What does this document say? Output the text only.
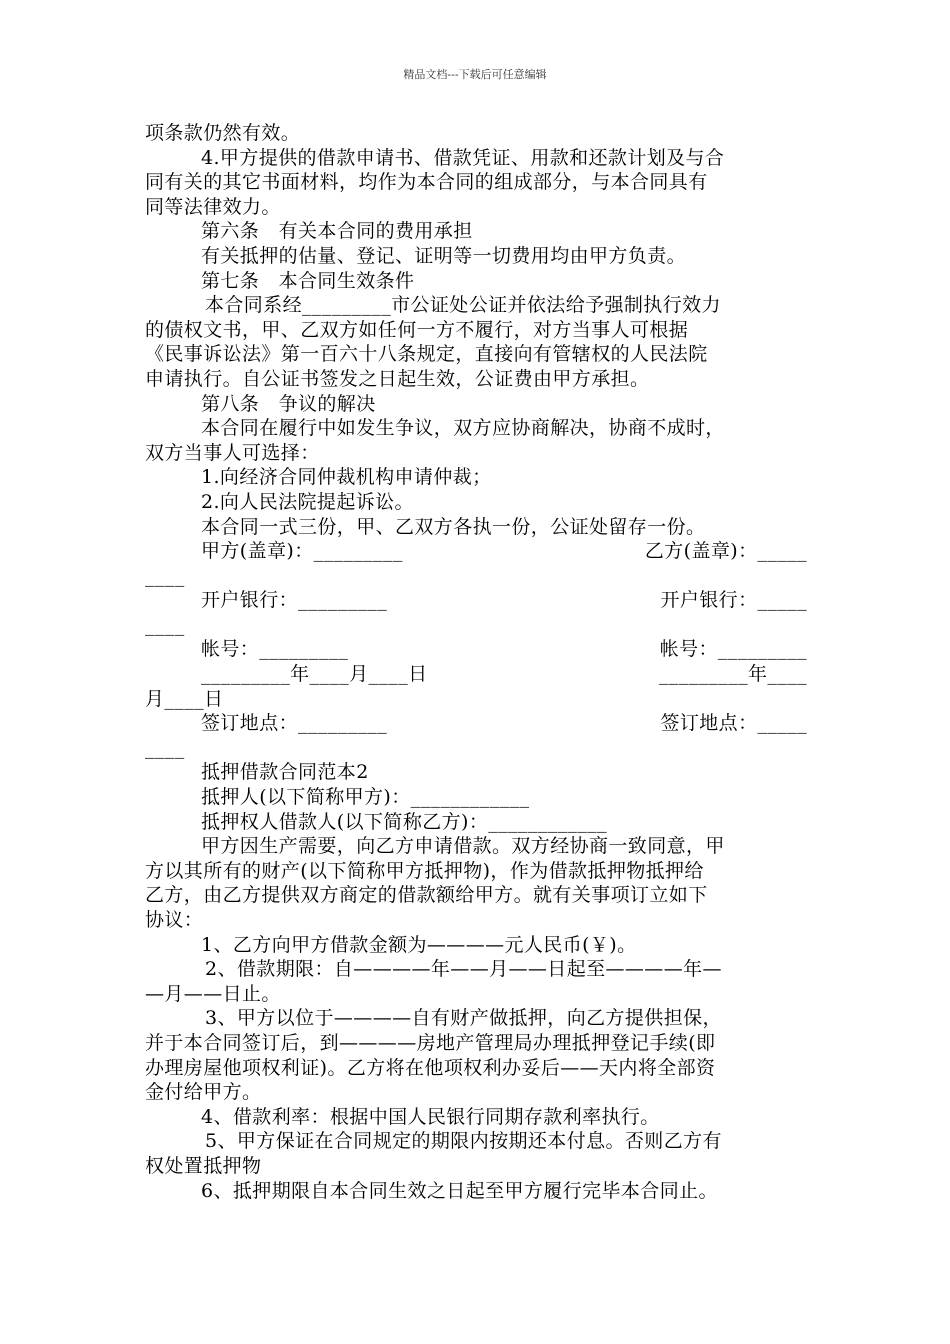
精品文档---下载后可任意编辑

项条款仍然有效。

4.甲方提供的借款申请书、借款凭证、用款和还款计划及与合

同有关的其它书面材料，均作为本合同的组成部分，与本合同具有

同等法律效力。

第六条　有关本合同的费用承担

有关抵押的估量、登记、证明等一切费用均由甲方负责。

第七条　本合同生效条件

本合同系经_________市公证处公证并依法给予强制执行效力

的债权文书，甲、乙双方如任何一方不履行，对方当事人可根据

《民事诉讼法》第一百六十八条规定，直接向有管辖权的人民法院

申请执行。自公证书签发之日起生效，公证费由甲方承担。

第八条　争议的解决

本合同在履行中如发生争议，双方应协商解决，协商不成时，

双方当事人可选择：

1.向经济合同仲裁机构申请仲裁；

2.向人民法院提起诉讼。

本合同一式三份，甲、乙双方各执一份，公证处留存一份。

甲方(盖章)：_________	乙方(盖章)：_____

____

开户银行：_________	开户银行：_____

____

帐号：_________	帐号：_________
_________年____月____日	_________年____

月____日

签订地点：_________	签订地点：_____

____

抵押借款合同范本2

抵押人(以下简称甲方)：____________

抵押权人借款人(以下简称乙方)：____________

甲方因生产需要，向乙方申请借款。双方经协商一致同意，甲

方以其所有的财产(以下简称甲方抵押物)，作为借款抵押物抵押给

乙方，由乙方提供双方商定的借款额给甲方。就有关事项订立如下

协议：

1、乙方向甲方借款金额为————元人民币(￥)。

2、借款期限：自————年——月——日起至————年—

—月——日止。

3、甲方以位于————自有财产做抵押，向乙方提供担保，

并于本合同签订后，到————房地产管理局办理抵押登记手续(即

办理房屋他项权利证)。乙方将在他项权利办妥后——天内将全部资

金付给甲方。

4、借款利率：根据中国人民银行同期存款利率执行。

5、甲方保证在合同规定的期限内按期还本付息。否则乙方有

权处置抵押物

6、抵押期限自本合同生效之日起至甲方履行完毕本合同止。
